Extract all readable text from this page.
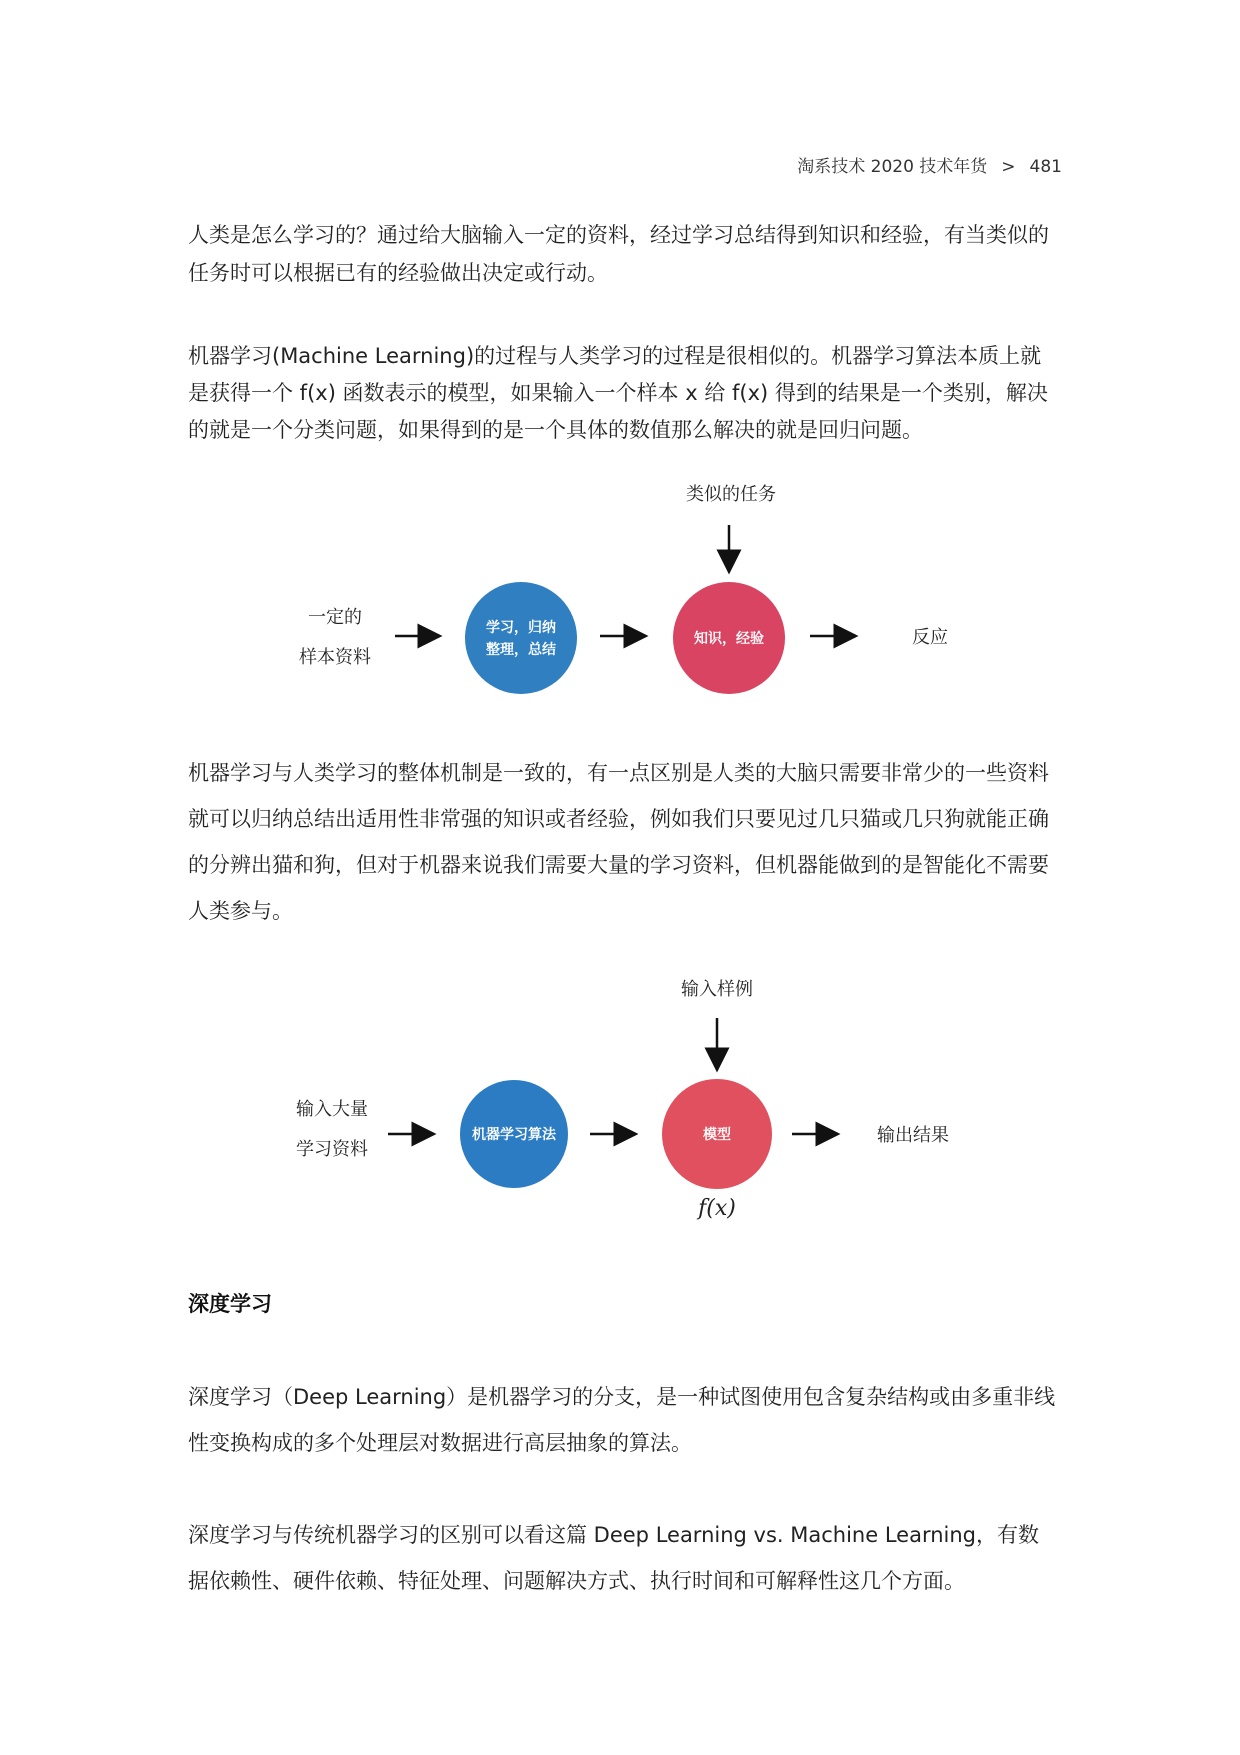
淘系技术 2020 技术年货 > 481
人类是怎么学习的？通过给大脑输入一定的资料，经过学习总结得到知识和经验，有当类似的任务时可以根据已有的经验做出决定或行动。
机器学习(Machine Learning)的过程与人类学习的过程是很相似的。机器学习算法本质上就是获得一个 f(x) 函数表示的模型，如果输入一个样本 x 给 f(x) 得到的结果是一个类别，解决的就是一个分类问题，如果得到的是一个具体的数值那么解决的就是回归问题。
一定的
样本资料
学习，归纳
整理，总结
知识，经验
类似的任务
反应
机器学习与人类学习的整体机制是一致的，有一点区别是人类的大脑只需要非常少的一些资料就可以归纳总结出适用性非常强的知识或者经验，例如我们只要见过几只猫或几只狗就能正确的分辨出猫和狗，但对于机器来说我们需要大量的学习资料，但机器能做到的是智能化不需要人类参与。
输入大量
学习资料
机器学习算法	模型
输入样例
输出结果
f(x)
深度学习
深度学习（Deep Learning）是机器学习的分支，是一种试图使用包含复杂结构或由多重非线性变换构成的多个处理层对数据进行高层抽象的算法。
深度学习与传统机器学习的区别可以看这篇 Deep Learning vs. Machine Learning，有数据依赖性、硬件依赖、特征处理、问题解决方式、执行时间和可解释性这几个方面。
